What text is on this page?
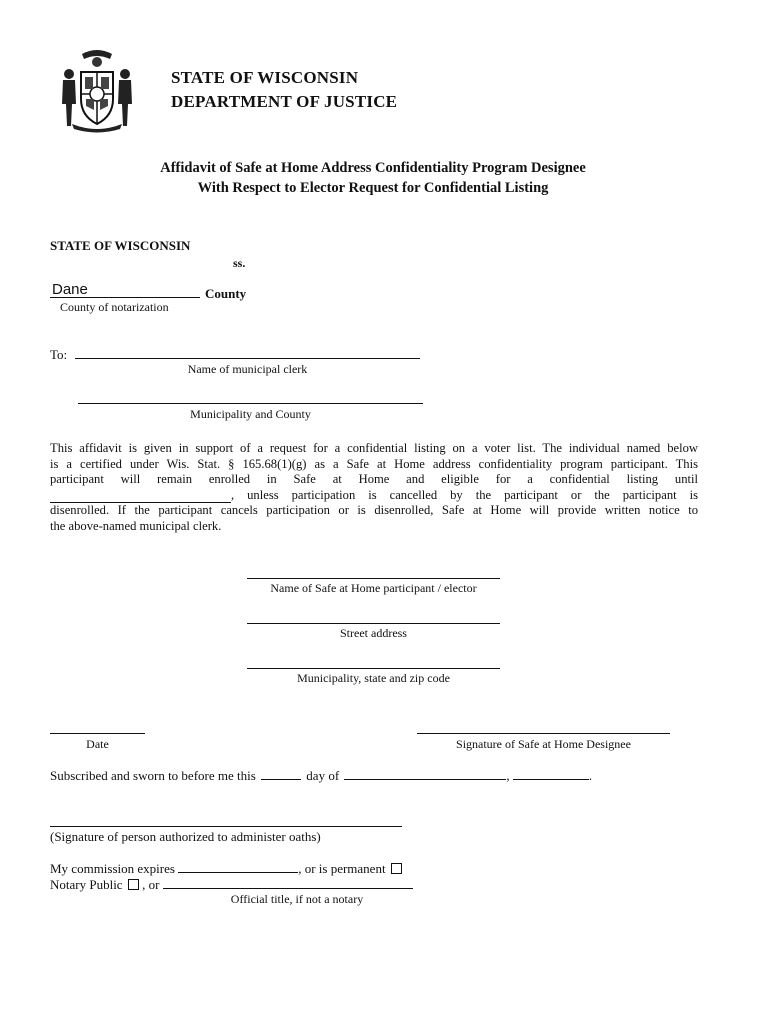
STATE OF WISCONSIN
DEPARTMENT OF JUSTICE
Affidavit of Safe at Home Address Confidentiality Program Designee
With Respect to Elector Request for Confidential Listing
STATE OF WISCONSIN
ss.
Dane	County
County of notarization
To:
Name of municipal clerk
Municipality and County
This affidavit is given in support of a request for a confidential listing on a voter list. The individual named below
is a certified under Wis. Stat. § 165.68(1)(g) as a Safe at Home address confidentiality program participant. This
participant will remain enrolled in Safe at Home and eligible for a confidential listing until
, unless participation is cancelled by the participant or the participant is
disenrolled. If the participant cancels participation or is disenrolled, Safe at Home will provide written notice to
the above-named municipal clerk.
Name of Safe at Home participant / elector
Street address
Municipality, state and zip code
Date	Signature of Safe at Home Designee
Subscribed and sworn to before me this	day of	,	.
(Signature of person authorized to administer oaths)
My commission expires	, or is permanent
Notary Public , or
Official title, if not a notary
